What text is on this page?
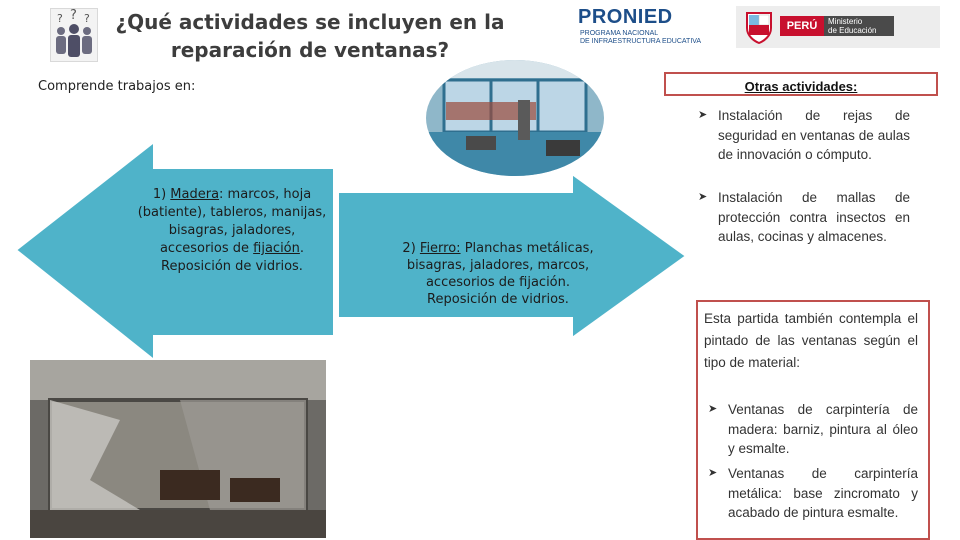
? ? ?	¿Qué actividades se incluyen en la
reparación de ventanas?
PRONIED
PROGRAMA NACIONAL
DE INFRAESTRUCTURA EDUCATIVA
PERÚ	Ministerio
de Educación
Comprende trabajos en:
1) Madera: marcos, hoja
(batiente), tableros, manijas,
bisagras, jaladores,
accesorios de fijación.
Reposición de vidrios.
2) Fierro: Planchas metálicas,
bisagras, jaladores, marcos,
accesorios de fijación.
Reposición de vidrios.
Otras actividades:
➤ Instalación de rejas de seguridad en ventanas de aulas de innovación o cómputo.
➤ Instalación de mallas de protección contra insectos en aulas, cocinas y almacenes.
Esta partida también contempla el pintado de las ventanas según el tipo de material:
➤ Ventanas de carpintería de madera: barniz, pintura al óleo y esmalte.
➤ Ventanas de carpintería metálica: base zincromato y acabado de pintura esmalte.
